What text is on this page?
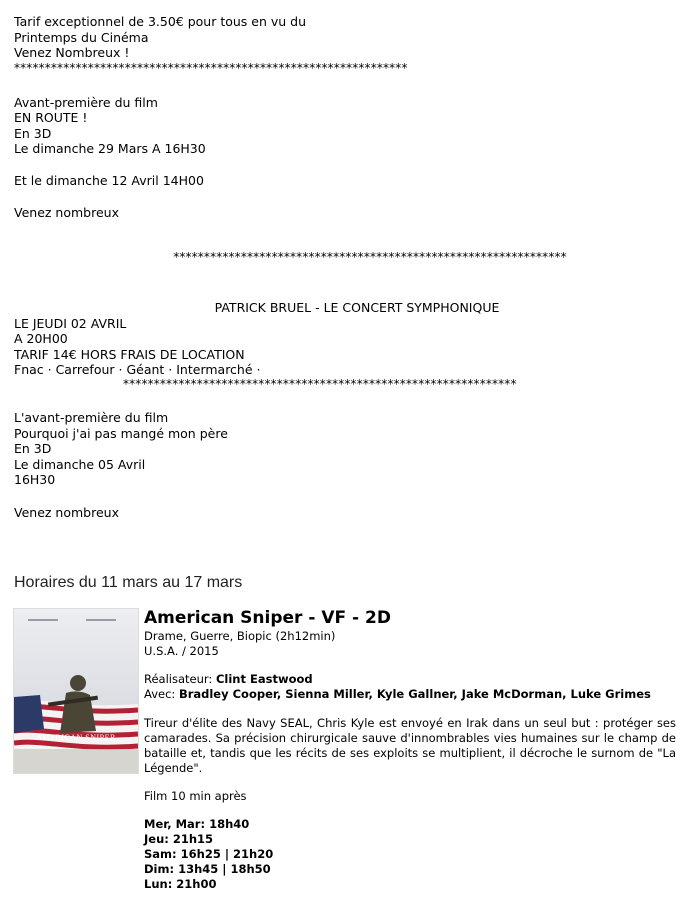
Tarif exceptionnel de 3.50€ pour tous en vu du
Printemps du Cinéma
Venez Nombreux !
****************************************************************
Avant-première du film
EN ROUTE !
En 3D
Le dimanche 29 Mars A 16H30
Et le dimanche 12 Avril 14H00
Venez nombreux
****************************************************************
PATRICK BRUEL - LE CONCERT SYMPHONIQUE
LE JEUDI 02 AVRIL
A 20H00
TARIF 14€ HORS FRAIS DE LOCATION
Fnac · Carrefour · Géant · Intermarché ·
****************************************************************
L'avant-première du film
Pourquoi j'ai pas mangé mon père
En 3D
Le dimanche 05 Avril
16H30
Venez nombreux
Horaires du 11 mars au 17 mars
AMERICAN SNIPER
American Sniper - VF - 2D
Drame, Guerre, Biopic (2h12min)
U.S.A. / 2015
Réalisateur: Clint Eastwood
Avec: Bradley Cooper, Sienna Miller, Kyle Gallner, Jake McDorman, Luke Grimes
Tireur d'élite des Navy SEAL, Chris Kyle est envoyé en Irak dans un seul but : protéger ses camarades. Sa précision chirurgicale sauve d'innombrables vies humaines sur le champ de bataille et, tandis que les récits de ses exploits se multiplient, il décroche le surnom de "La Légende".
Film 10 min après
Mer, Mar: 18h40
Jeu: 21h15
Sam: 16h25 | 21h20
Dim: 13h45 | 18h50
Lun: 21h00
